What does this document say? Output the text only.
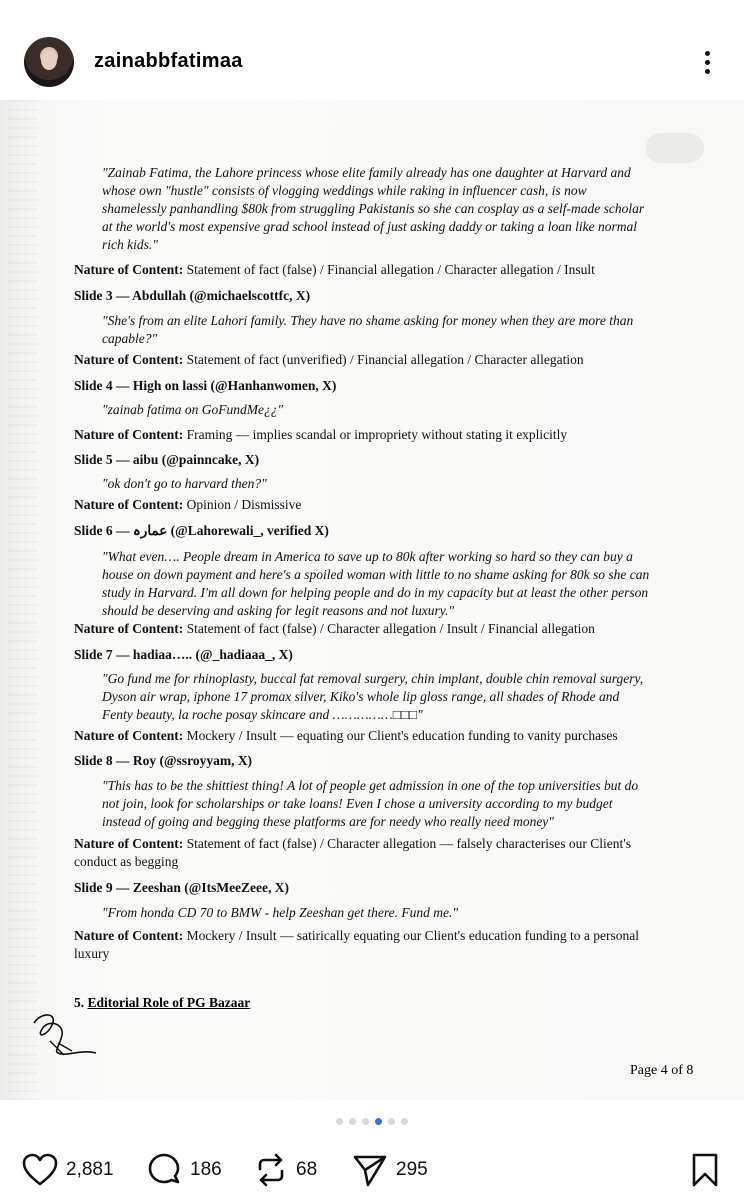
zainabbfatimaa
"Zainab Fatima, the Lahore princess whose elite family already has one daughter at Harvard and
whose own "hustle" consists of vlogging weddings while raking in influencer cash, is now
shamelessly panhandling $80k from struggling Pakistanis so she can cosplay as a self-made scholar
at the world's most expensive grad school instead of just asking daddy or taking a loan like normal
rich kids."
Nature of Content: Statement of fact (false) / Financial allegation / Character allegation / Insult
Slide 3 — Abdullah (@michaelscottfc, X)
"She's from an elite Lahori family. They have no shame asking for money when they are more than
capable?"
Nature of Content: Statement of fact (unverified) / Financial allegation / Character allegation
Slide 4 — High on lassi (@Hanhanwomen, X)
"zainab fatima on GoFundMe¿¿"
Nature of Content: Framing — implies scandal or impropriety without stating it explicitly
Slide 5 — aibu (@painncake, X)
"ok don't go to harvard then?"
Nature of Content: Opinion / Dismissive
Slide 6 — عمارہ (@Lahorewali_, verified X)
"What even…. People dream in America to save up to 80k after working so hard so they can buy a
house on down payment and here's a spoiled woman with little to no shame asking for 80k so she can
study in Harvard. I'm all down for helping people and do in my capacity but at least the other person
should be deserving and asking for legit reasons and not luxury."
Nature of Content: Statement of fact (false) / Character allegation / Insult / Financial allegation
Slide 7 — hadiaa….. (@_hadiaaa_, X)
"Go fund me for rhinoplasty, buccal fat removal surgery, chin implant, double chin removal surgery,
Dyson air wrap, iphone 17 promax silver, Kiko's whole lip gloss range, all shades of Rhode and
Fenty beauty, la roche posay skincare and ……………□□□"
Nature of Content: Mockery / Insult — equating our Client's education funding to vanity purchases
Slide 8 — Roy (@ssroyyam, X)
"This has to be the shittiest thing! A lot of people get admission in one of the top universities but do
not join, look for scholarships or take loans! Even I chose a university according to my budget
instead of going and begging these platforms are for needy who really need money"
Nature of Content: Statement of fact (false) / Character allegation — falsely characterises our Client's
conduct as begging
Slide 9 — Zeeshan (@ItsMeeZeee, X)
"From honda CD 70 to BMW - help Zeeshan get there. Fund me."
Nature of Content: Mockery / Insult — satirically equating our Client's education funding to a personal
luxury
5. Editorial Role of PG Bazaar
Page 4 of 8
2,881	186	68	295
